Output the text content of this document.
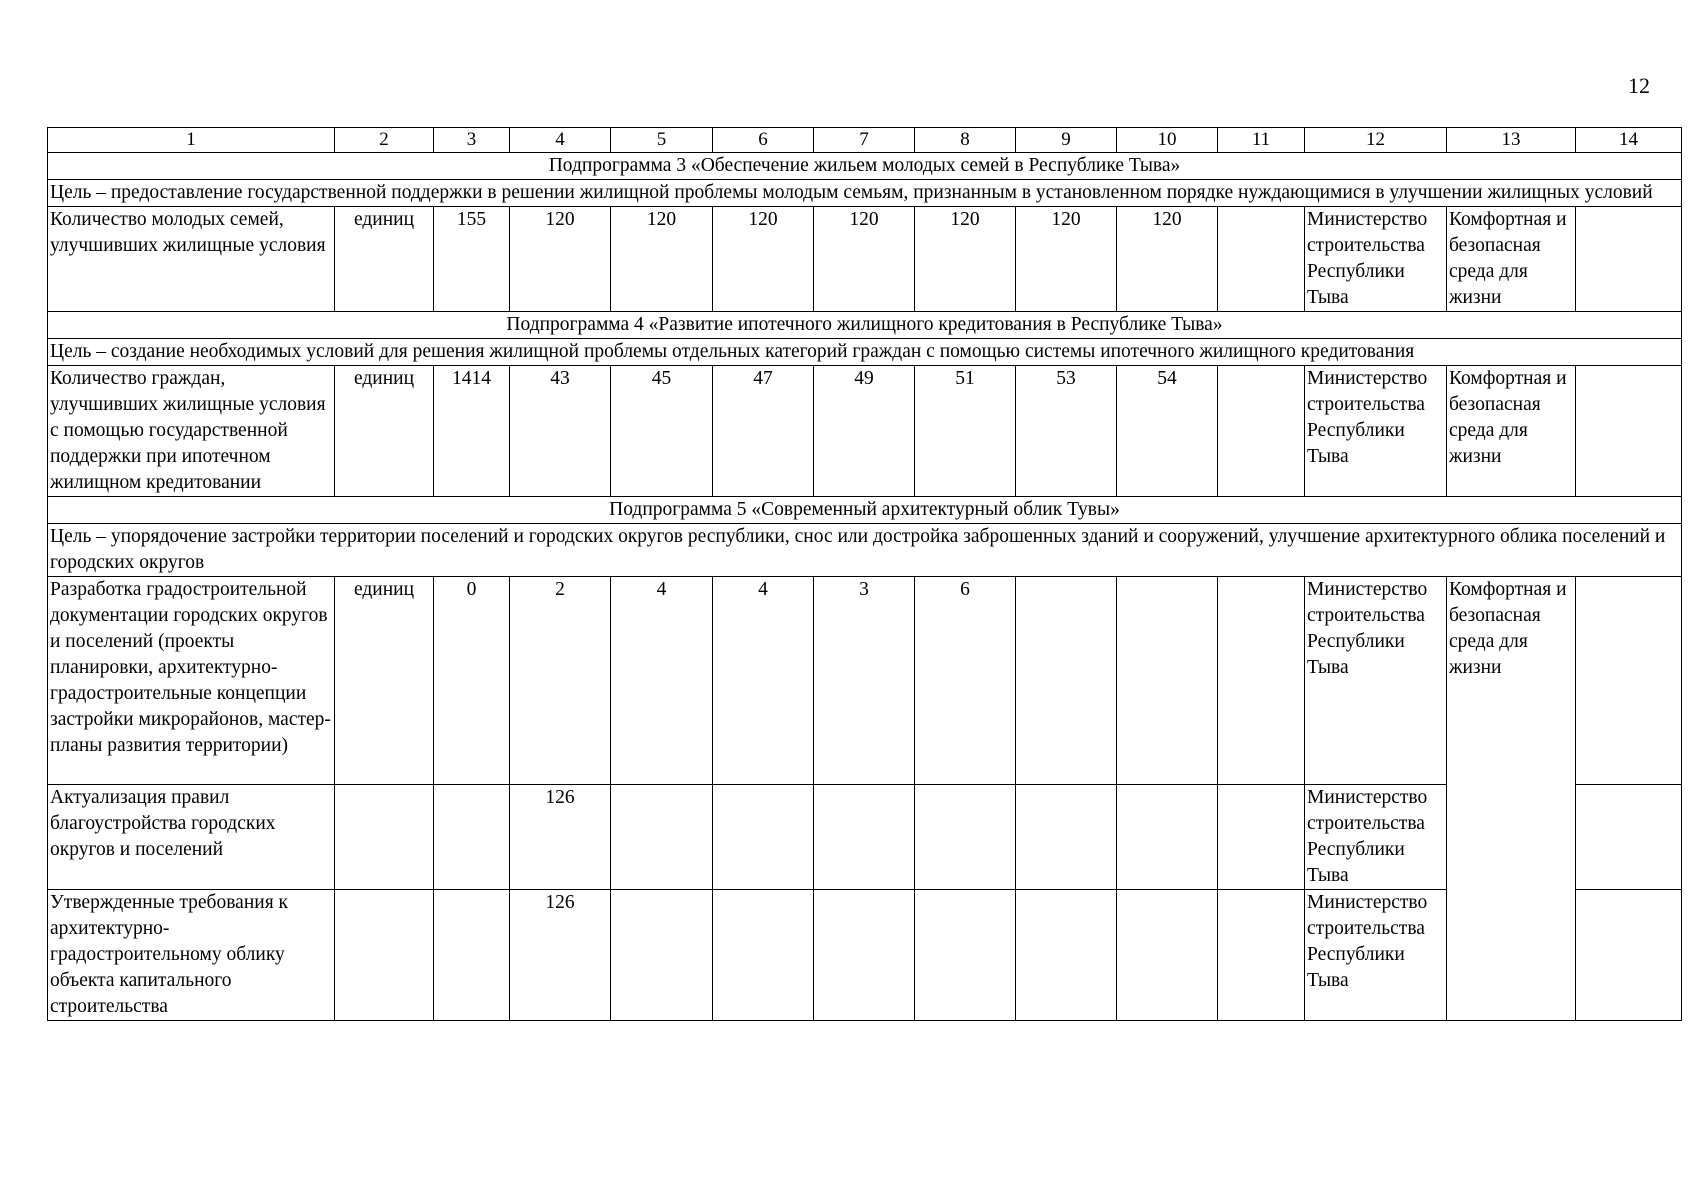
12
1	2	3	4	5	6	7	8	9	10	11	12	13	14
Подпрограмма 3 «Обеспечение жильем молодых семей в Республике Тыва»													
Цель – предоставление государственной поддержки в решении жилищной проблемы молодым семьям, признанным в установленном порядке нуждающимися в улучшении жилищных условий													
Количество молодых семей, улучшивших жилищные условия	единиц	155	120	120	120	120	120	120	120		Министерство строительства Республики Тыва	Комфортная и безопасная среда для жизни	
Подпрограмма 4 «Развитие ипотечного жилищного кредитования в Республике Тыва»													
Цель – создание необходимых условий для решения жилищной проблемы отдельных категорий граждан с помощью системы ипотечного жилищного кредитования													
Количество граждан, улучшивших жилищные условия с помощью государственной поддержки при ипотечном жилищном кредитовании	единиц	1414	43	45	47	49	51	53	54		Министерство строительства Республики Тыва	Комфортная и безопасная среда для жизни	
Подпрограмма 5 «Современный архитектурный облик Тувы»													
Цель – упорядочение застройки территории поселений и городских округов республики, снос или достройка заброшенных зданий и сооружений, улучшение архитектурного облика поселений и городских округов													
Разработка градостроительной документации городских округов и поселений (проекты планировки, архитектурно-градостроительные концепции застройки микрорайонов, мастер-планы развития территории)	единиц	0	2	4	4	3	6				Министерство строительства Республики Тыва	Комфортная и безопасная среда для жизни	
Актуализация правил благоустройства городских округов и поселений			126								Министерство строительства Республики Тыва		
Утвержденные требования к архитектурно-градостроительному облику объекта капитального строительства			126								Министерство строительства Республики Тыва		
